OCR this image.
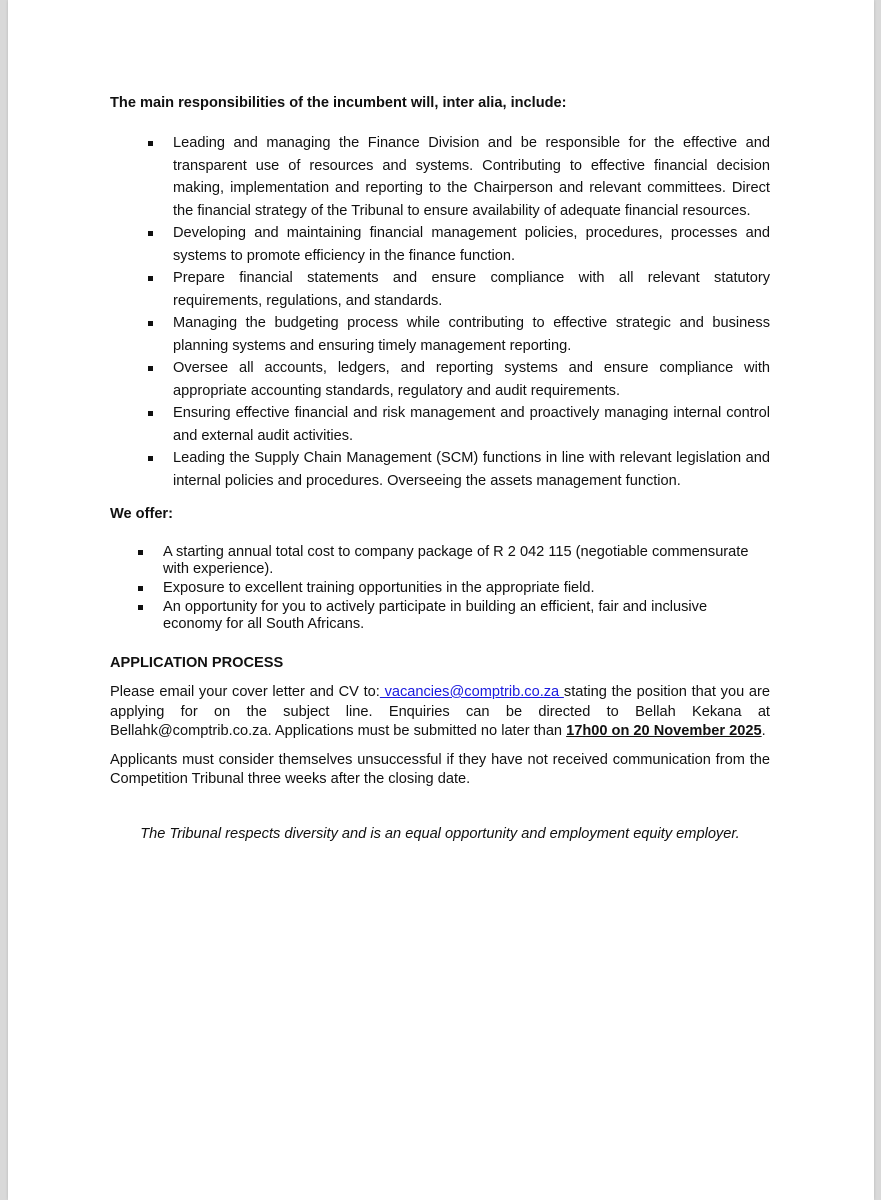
The main responsibilities of the incumbent will, inter alia, include:

Leading and managing the Finance Division and be responsible for the effective and transparent use of resources and systems. Contributing to effective financial decision making, implementation and reporting to the Chairperson and relevant committees. Direct the financial strategy of the Tribunal to ensure availability of adequate financial resources.
Developing and maintaining financial management policies, procedures, processes and systems to promote efficiency in the finance function.
Prepare financial statements and ensure compliance with all relevant statutory requirements, regulations, and standards.
Managing the budgeting process while contributing to effective strategic and business planning systems and ensuring timely management reporting.
Oversee all accounts, ledgers, and reporting systems and ensure compliance with appropriate accounting standards, regulatory and audit requirements.
Ensuring effective financial and risk management and proactively managing internal control and external audit activities.
Leading the Supply Chain Management (SCM) functions in line with relevant legislation and internal policies and procedures. Overseeing the assets management function.

We offer:

A starting annual total cost to company package of R 2 042 115 (negotiable commensurate with experience).
Exposure to excellent training opportunities in the appropriate field.
An opportunity for you to actively participate in building an efficient, fair and inclusive economy for all South Africans.

APPLICATION PROCESS

Please email your cover letter and CV to: vacancies@comptrib.co.za stating the position that you are applying for on the subject line. Enquiries can be directed to Bellah Kekana at Bellahk@comptrib.co.za. Applications must be submitted no later than 17h00 on 20 November 2025.

Applicants must consider themselves unsuccessful if they have not received communication from the Competition Tribunal three weeks after the closing date.

The Tribunal respects diversity and is an equal opportunity and employment equity employer.
